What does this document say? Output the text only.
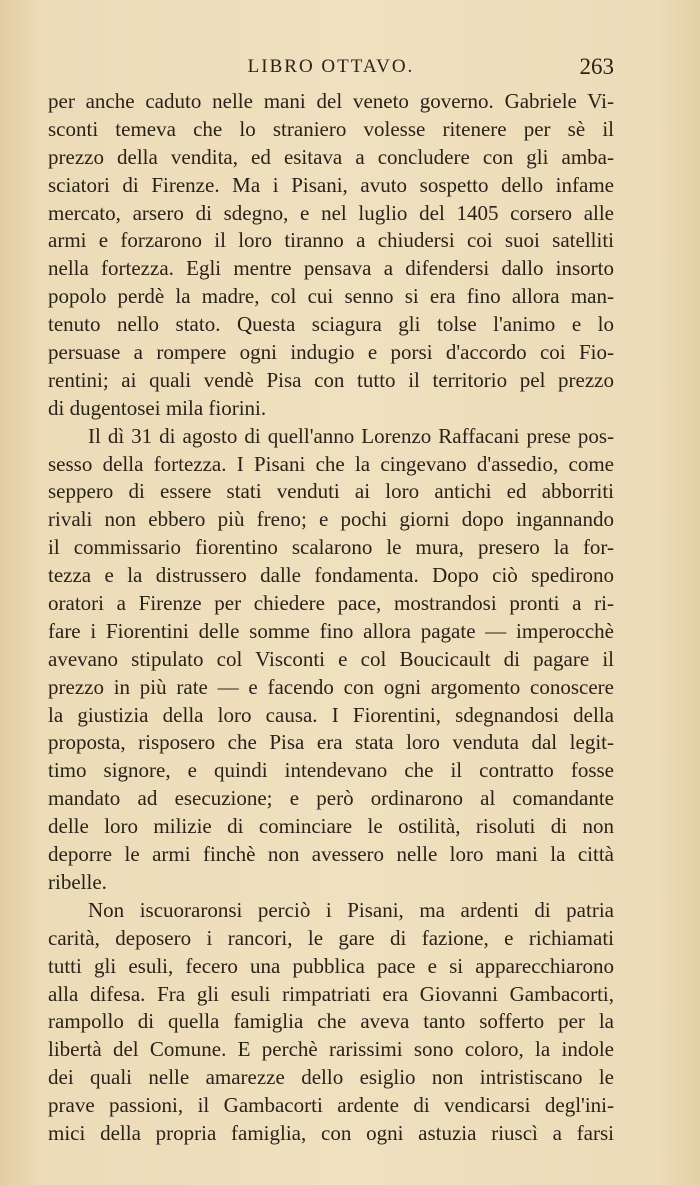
LIBRO OTTAVO.	263
per anche caduto nelle mani del veneto governo. Gabriele Vi-
sconti temeva che lo straniero volesse ritenere per sè il
prezzo della vendita, ed esitava a concludere con gli amba-
sciatori di Firenze. Ma i Pisani, avuto sospetto dello infame
mercato, arsero di sdegno, e nel luglio del 1405 corsero alle
armi e forzarono il loro tiranno a chiudersi coi suoi satelliti
nella fortezza. Egli mentre pensava a difendersi dallo insorto
popolo perdè la madre, col cui senno si era fino allora man-
tenuto nello stato. Questa sciagura gli tolse l'animo e lo
persuase a rompere ogni indugio e porsi d'accordo coi Fio-
rentini; ai quali vendè Pisa con tutto il territorio pel prezzo
di dugentosei mila fiorini.
Il dì 31 di agosto di quell'anno Lorenzo Raffacani prese pos-
sesso della fortezza. I Pisani che la cingevano d'assedio, come
seppero di essere stati venduti ai loro antichi ed abborriti
rivali non ebbero più freno; e pochi giorni dopo ingannando
il commissario fiorentino scalarono le mura, presero la for-
tezza e la distrussero dalle fondamenta. Dopo ciò spedirono
oratori a Firenze per chiedere pace, mostrandosi pronti a ri-
fare i Fiorentini delle somme fino allora pagate — imperocchè
avevano stipulato col Visconti e col Boucicault di pagare il
prezzo in più rate — e facendo con ogni argomento conoscere
la giustizia della loro causa. I Fiorentini, sdegnandosi della
proposta, risposero che Pisa era stata loro venduta dal legit-
timo signore, e quindi intendevano che il contratto fosse
mandato ad esecuzione; e però ordinarono al comandante
delle loro milizie di cominciare le ostilità, risoluti di non
deporre le armi finchè non avessero nelle loro mani la città
ribelle.
Non iscuoraronsi perciò i Pisani, ma ardenti di patria
carità, deposero i rancori, le gare di fazione, e richiamati
tutti gli esuli, fecero una pubblica pace e si apparecchiarono
alla difesa. Fra gli esuli rimpatriati era Giovanni Gambacorti,
rampollo di quella famiglia che aveva tanto sofferto per la
libertà del Comune. E perchè rarissimi sono coloro, la indole
dei quali nelle amarezze dello esiglio non intristiscano le
prave passioni, il Gambacorti ardente di vendicarsi degl'ini-
mici della propria famiglia, con ogni astuzia riuscì a farsi
